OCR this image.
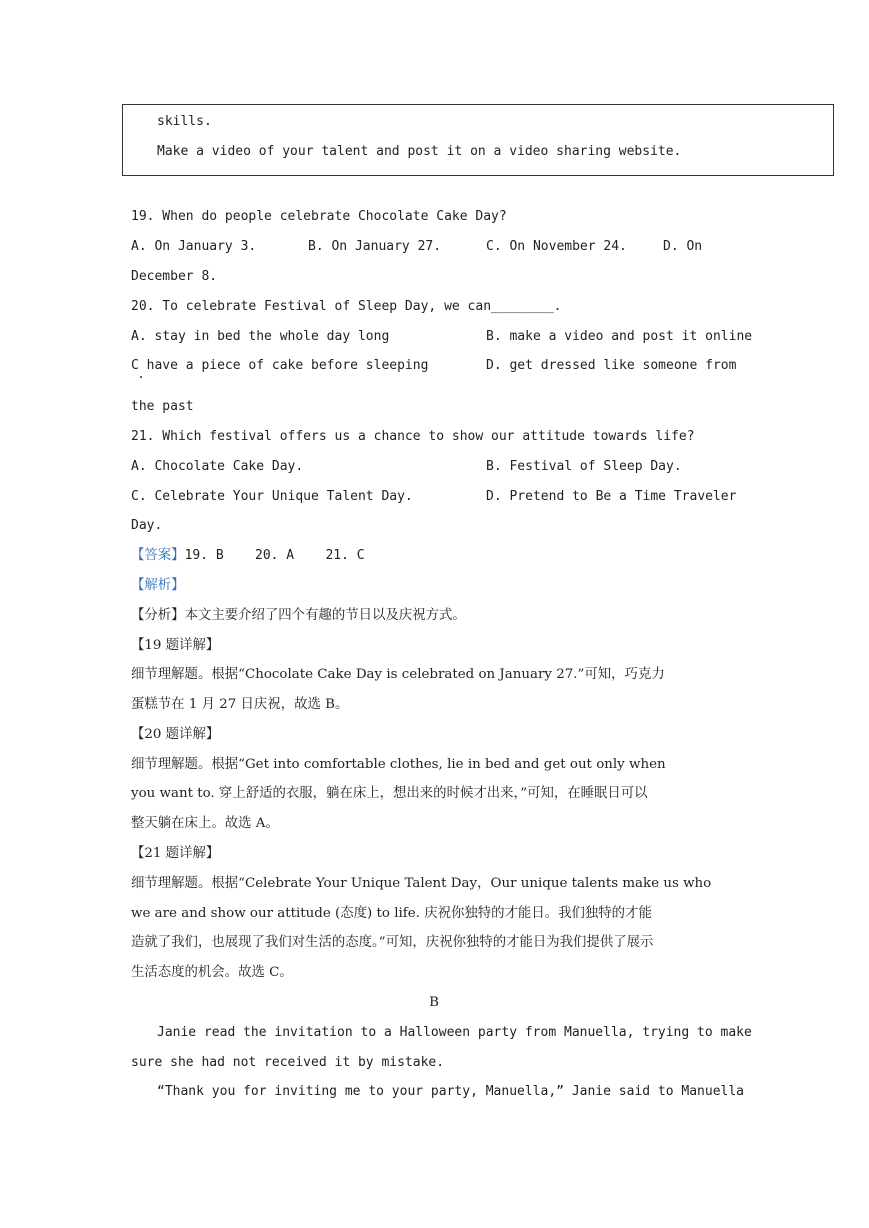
skills.
Make a video of your talent and post it on a video sharing website.
19. When do people celebrate Chocolate Cake Day?
A. On January 3.	B. On January 27.	C. On November 24.	D. On
December 8.
20. To celebrate Festival of Sleep Day, we can________.
A. stay in bed the whole day long	B. make a video and post it online
C have a piece of cake before sleeping	D. get dressed like someone from
the past
21. Which festival offers us a chance to show our attitude towards life?
A. Chocolate Cake Day.	B. Festival of Sleep Day.
C. Celebrate Your Unique Talent Day.	D. Pretend to Be a Time Traveler
Day.
【答案】19. B    20. A    21. C
【解析】
【分析】本文主要介绍了四个有趣的节日以及庆祝方式。
【19 题详解】
细节理解题。根据“Chocolate Cake Day is celebrated on January 27.”可知，巧克力
蛋糕节在 1 月 27 日庆祝，故选 B。
【20 题详解】
细节理解题。根据“Get into comfortable clothes, lie in bed and get out only when
you want to. 穿上舒适的衣服，躺在床上，想出来的时候才出来，”可知，在睡眠日可以
整天躺在床上。故选 A。
【21 题详解】
细节理解题。根据“Celebrate Your Unique Talent Day，Our unique talents make us who
we are and show our attitude (态度) to life. 庆祝你独特的才能日。我们独特的才能
造就了我们，也展现了我们对生活的态度。”可知，庆祝你独特的才能日为我们提供了展示
生活态度的机会。故选 C。
B
Janie read the invitation to a Halloween party from Manuella, trying to make
sure she had not received it by mistake.
“Thank you for inviting me to your party, Manuella,” Janie said to Manuella
